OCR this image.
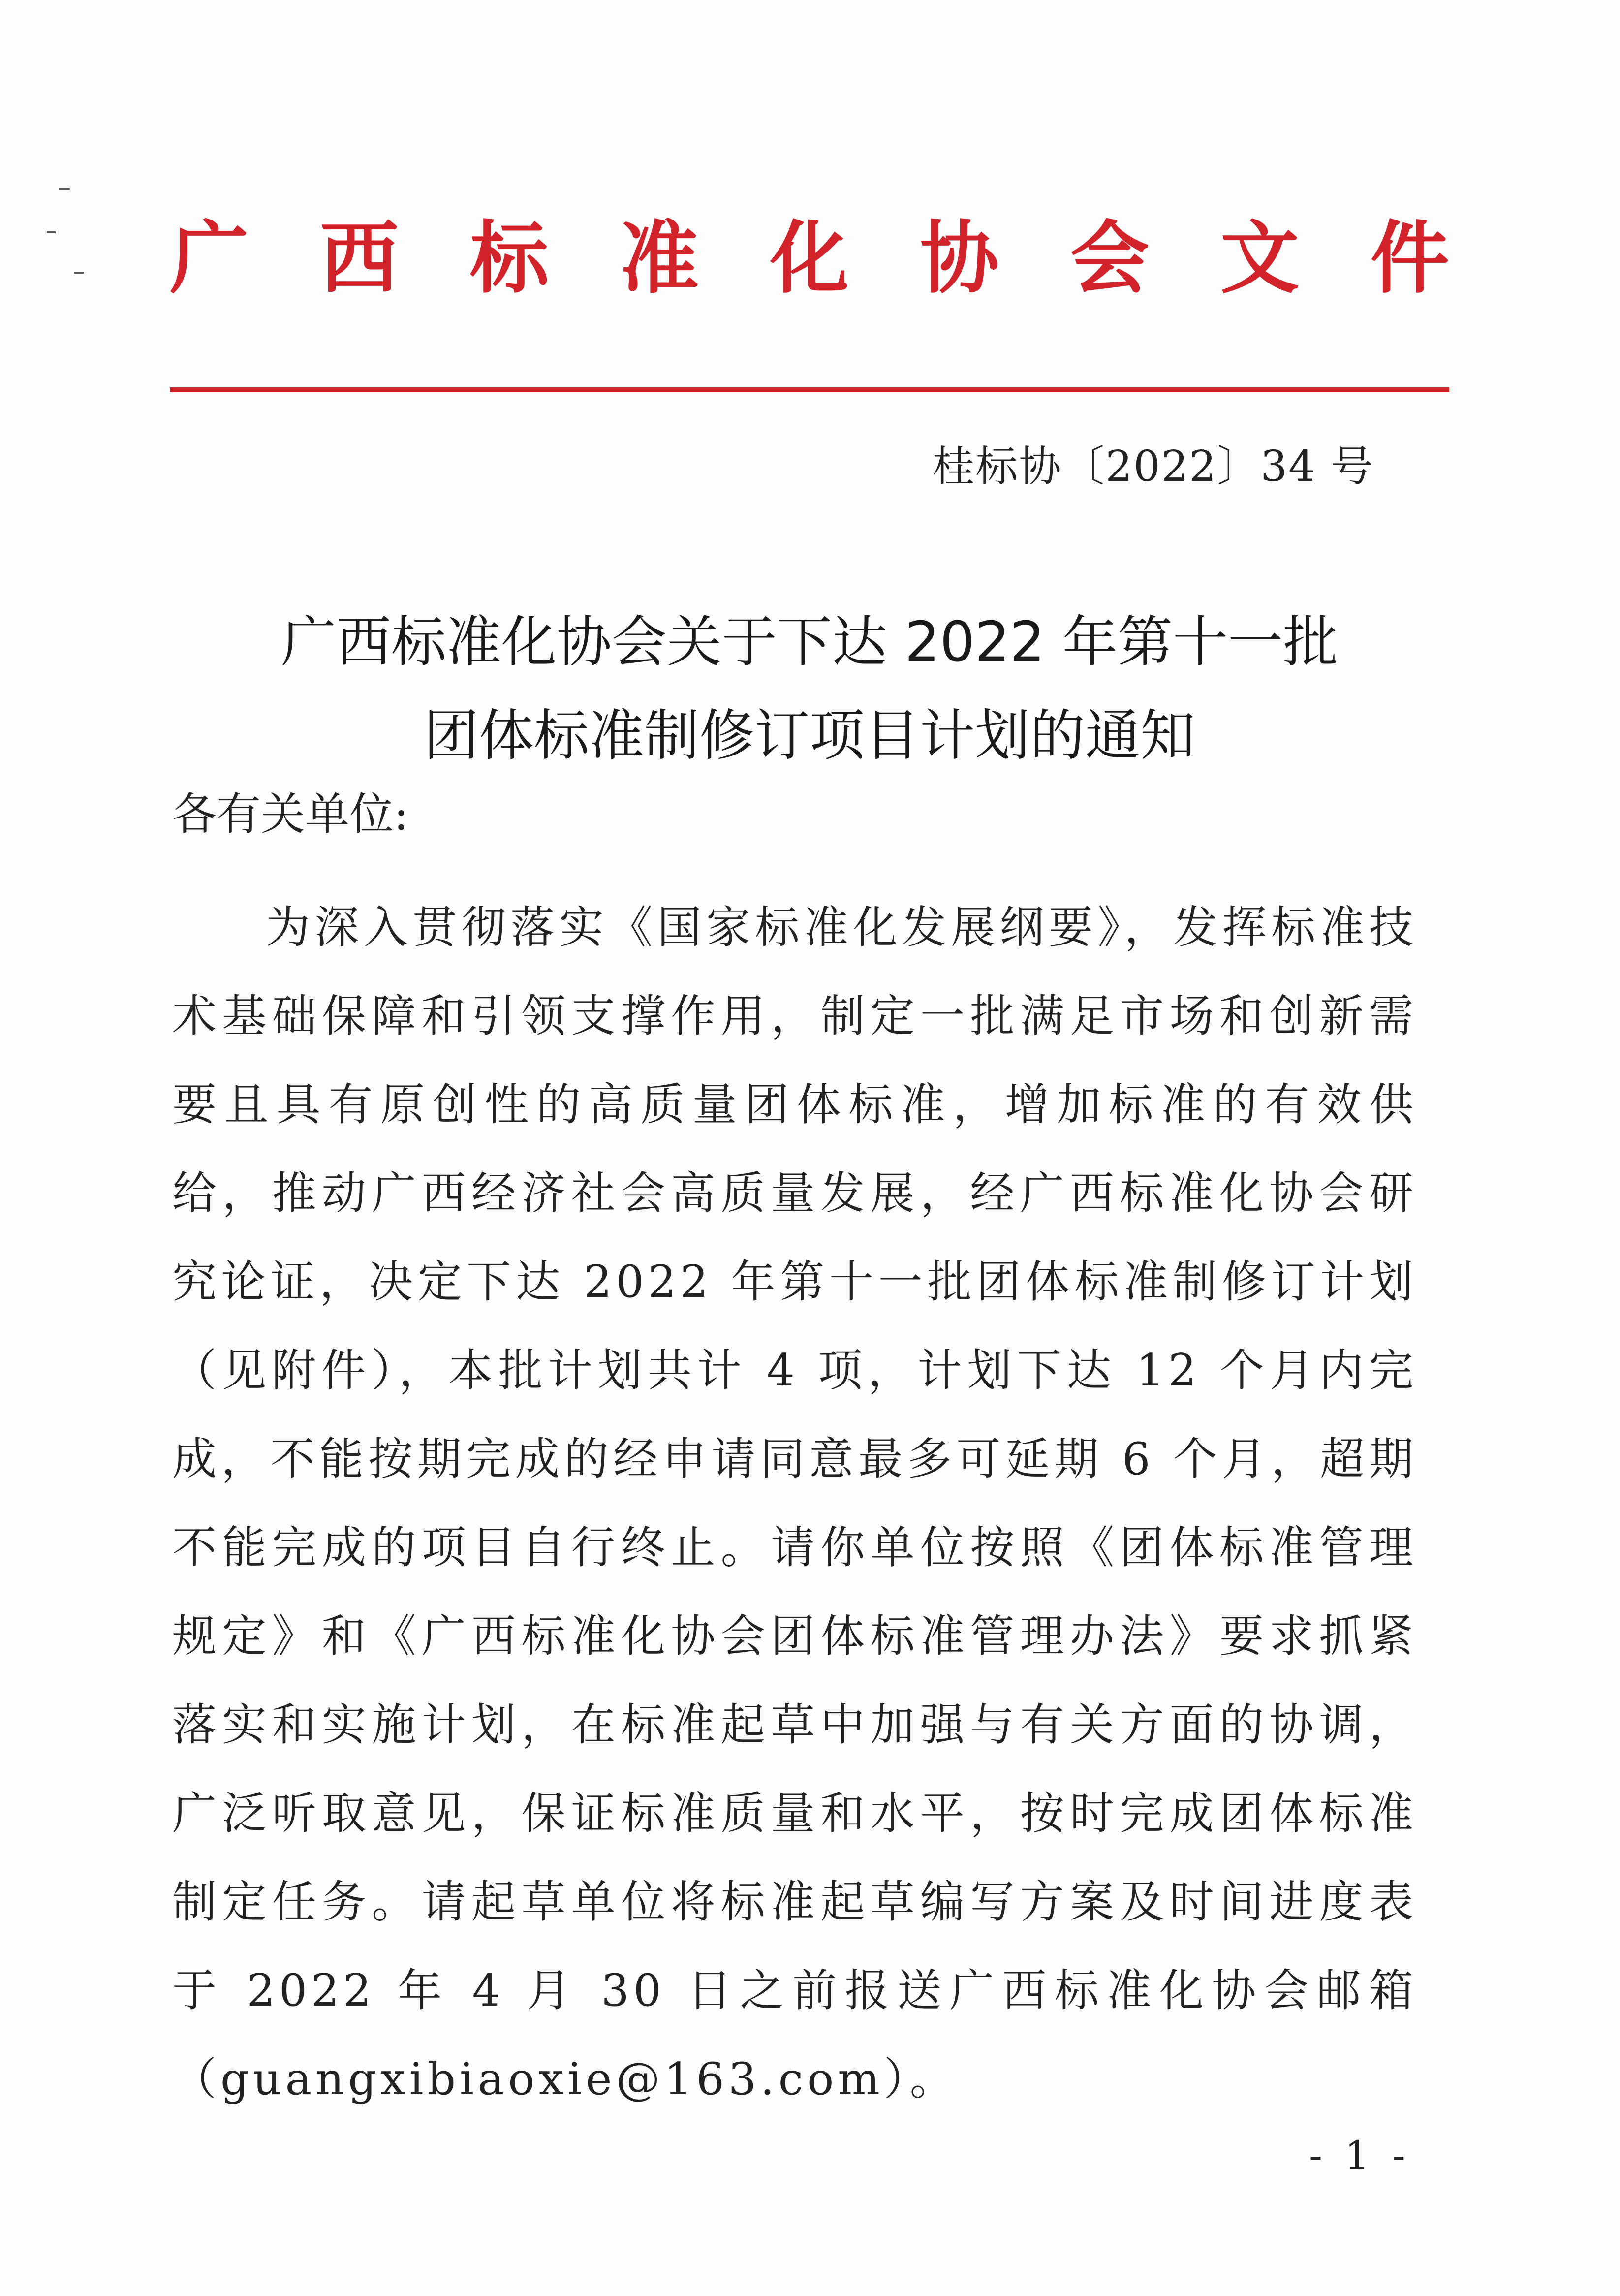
广 西 标 准 化 协 会 文 件
桂标协〔2022〕34 号
广西标准化协会关于下达 2022 年第十一批
团体标准制修订项目计划的通知
各有关单位:
为深入贯彻落实《国家标准化发展纲要》，发挥标准技术基础保障和引领支撑作用，制定一批满足市场和创新需要且具有原创性的高质量团体标准，增加标准的有效供给，推动广西经济社会高质量发展，经广西标准化协会研究论证，决定下达 2022 年第十一批团体标准制修订计划（见附件），本批计划共计 4 项，计划下达 12 个月内完成，不能按期完成的经申请同意最多可延期 6 个月，超期不能完成的项目自行终止。请你单位按照《团体标准管理规定》和《广西标准化协会团体标准管理办法》要求抓紧落实和实施计划，在标准起草中加强与有关方面的协调，广泛听取意见，保证标准质量和水平，按时完成团体标准制定任务。请起草单位将标准起草编写方案及时间进度表于 2022 年 4 月 30 日之前报送广西标准化协会邮箱（guangxibiaoxie@163.com）。
- 1 -
